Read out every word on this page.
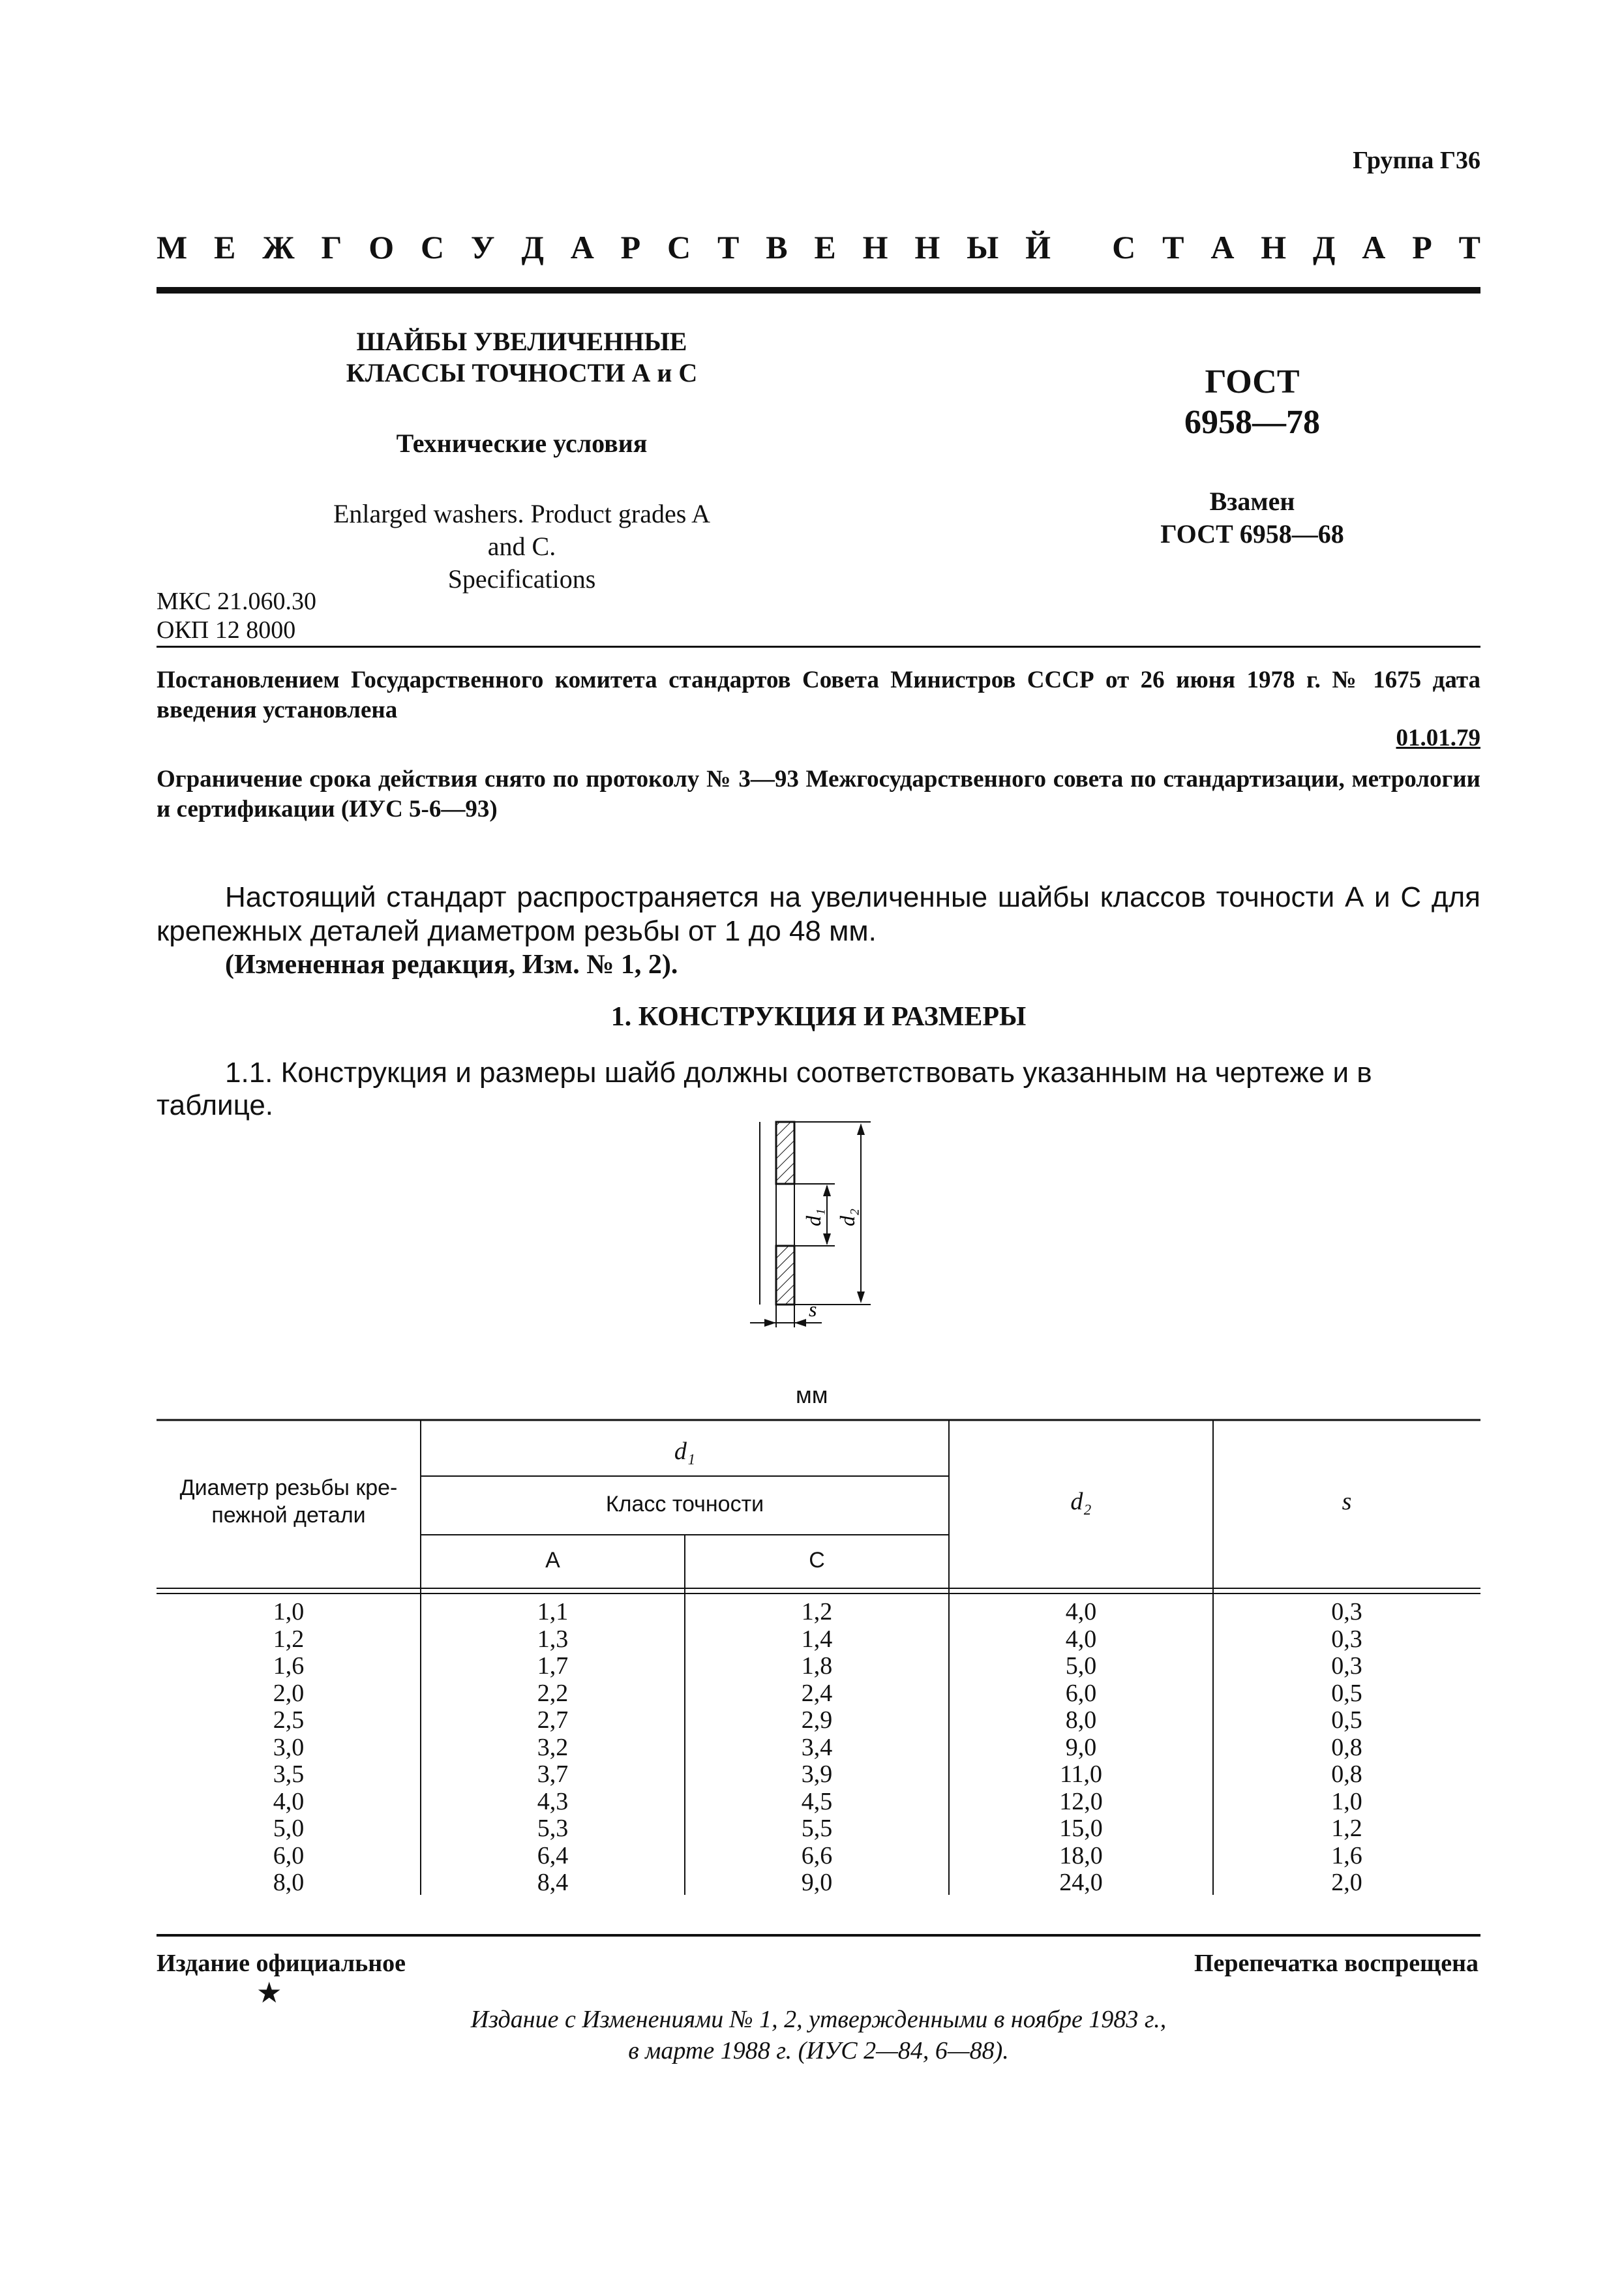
Группа Г36
М Е Ж Г О С У Д А Р С Т В Е Н Н Ы Й
С Т А Н Д А Р Т
ШАЙБЫ УВЕЛИЧЕННЫЕ
КЛАССЫ ТОЧНОСТИ А и С
Технические условия
Enlarged washers. Product grades A and C.
Specifications
ГОСТ
6958—78
Взамен
ГОСТ 6958—68
МКС 21.060.30
ОКП 12 8000
Постановлением Государственного комитета стандартов Совета Министров СССР от 26 июня 1978 г. № 1675 дата введения установлена
01.01.79
Ограничение срока действия снято по протоколу № 3—93 Межгосударственного совета по стандартизации, метрологии и сертификации (ИУС 5-6—93)
Настоящий стандарт распространяется на увеличенные шайбы классов точности А и С для крепежных деталей диаметром резьбы от 1 до 48 мм.
(Измененная редакция, Изм. № 1, 2).
1. КОНСТРУКЦИЯ И РАЗМЕРЫ
1.1. Конструкция и размеры шайб должны соответствовать указанным на чертеже и в таблице.
d₁ d₂
s
мм
Диаметр резьбы кре-пежной детали
d₁
Класс точности
А	С
d₂	s
1,0	1,1	1,2	4,0	0,3
1,2	1,3	1,4	4,0	0,3
1,6	1,7	1,8	5,0	0,3
2,0	2,2	2,4	6,0	0,5
2,5	2,7	2,9	8,0	0,5
3,0	3,2	3,4	9,0	0,8
3,5	3,7	3,9	11,0	0,8
4,0	4,3	4,5	12,0	1,0
5,0	5,3	5,5	15,0	1,2
6,0	6,4	6,6	18,0	1,6
8,0	8,4	9,0	24,0	2,0
Издание официальное	Перепечатка воспрещена
★
Издание с Изменениями № 1, 2, утвержденными в ноябре 1983 г.,
в марте 1988 г. (ИУС 2—84, 6—88).
